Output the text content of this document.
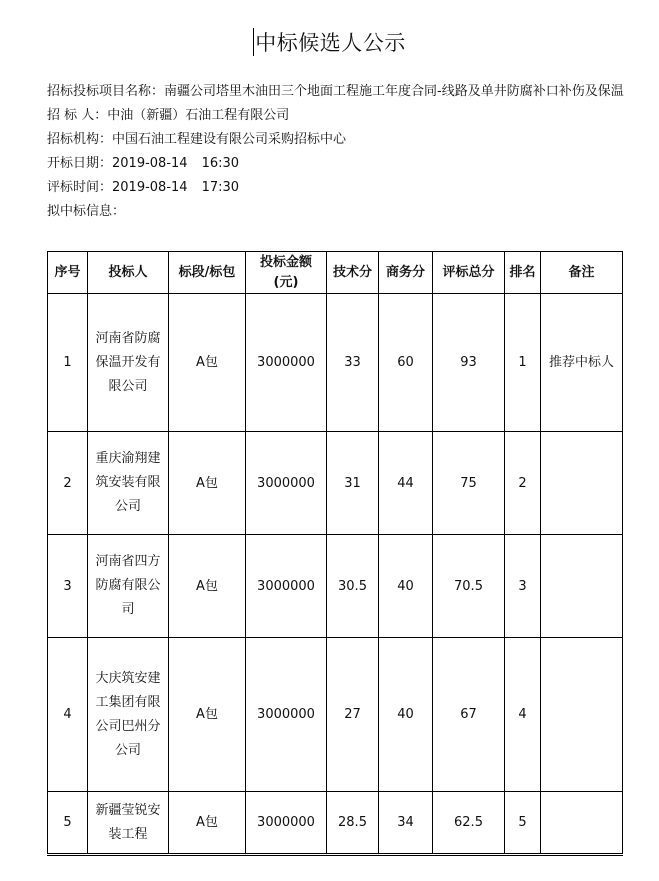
中标候选人公示
招标投标项目名称：南疆公司塔里木油田三个地面工程施工年度合同-线路及单井防腐补口补伤及保温
招 标 人：中油（新疆）石油工程有限公司
招标机构：中国石油工程建设有限公司采购招标中心
开标日期：2019-08-14 16:30
评标时间：2019-08-14 17:30
拟中标信息：
序号	投标人	标段/标包	投标金额(元)	技术分	商务分	评标总分	排名	备注
1	河南省防腐保温开发有限公司	A包	3000000	33	60	93	1	推荐中标人
2	重庆渝翔建筑安装有限公司	A包	3000000	31	44	75	2	
3	河南省四方防腐有限公司	A包	3000000	30.5	40	70.5	3	
4	大庆筑安建工集团有限公司巴州分公司	A包	3000000	27	40	67	4	
5	新疆莹锐安装工程	A包	3000000	28.5	34	62.5	5	
